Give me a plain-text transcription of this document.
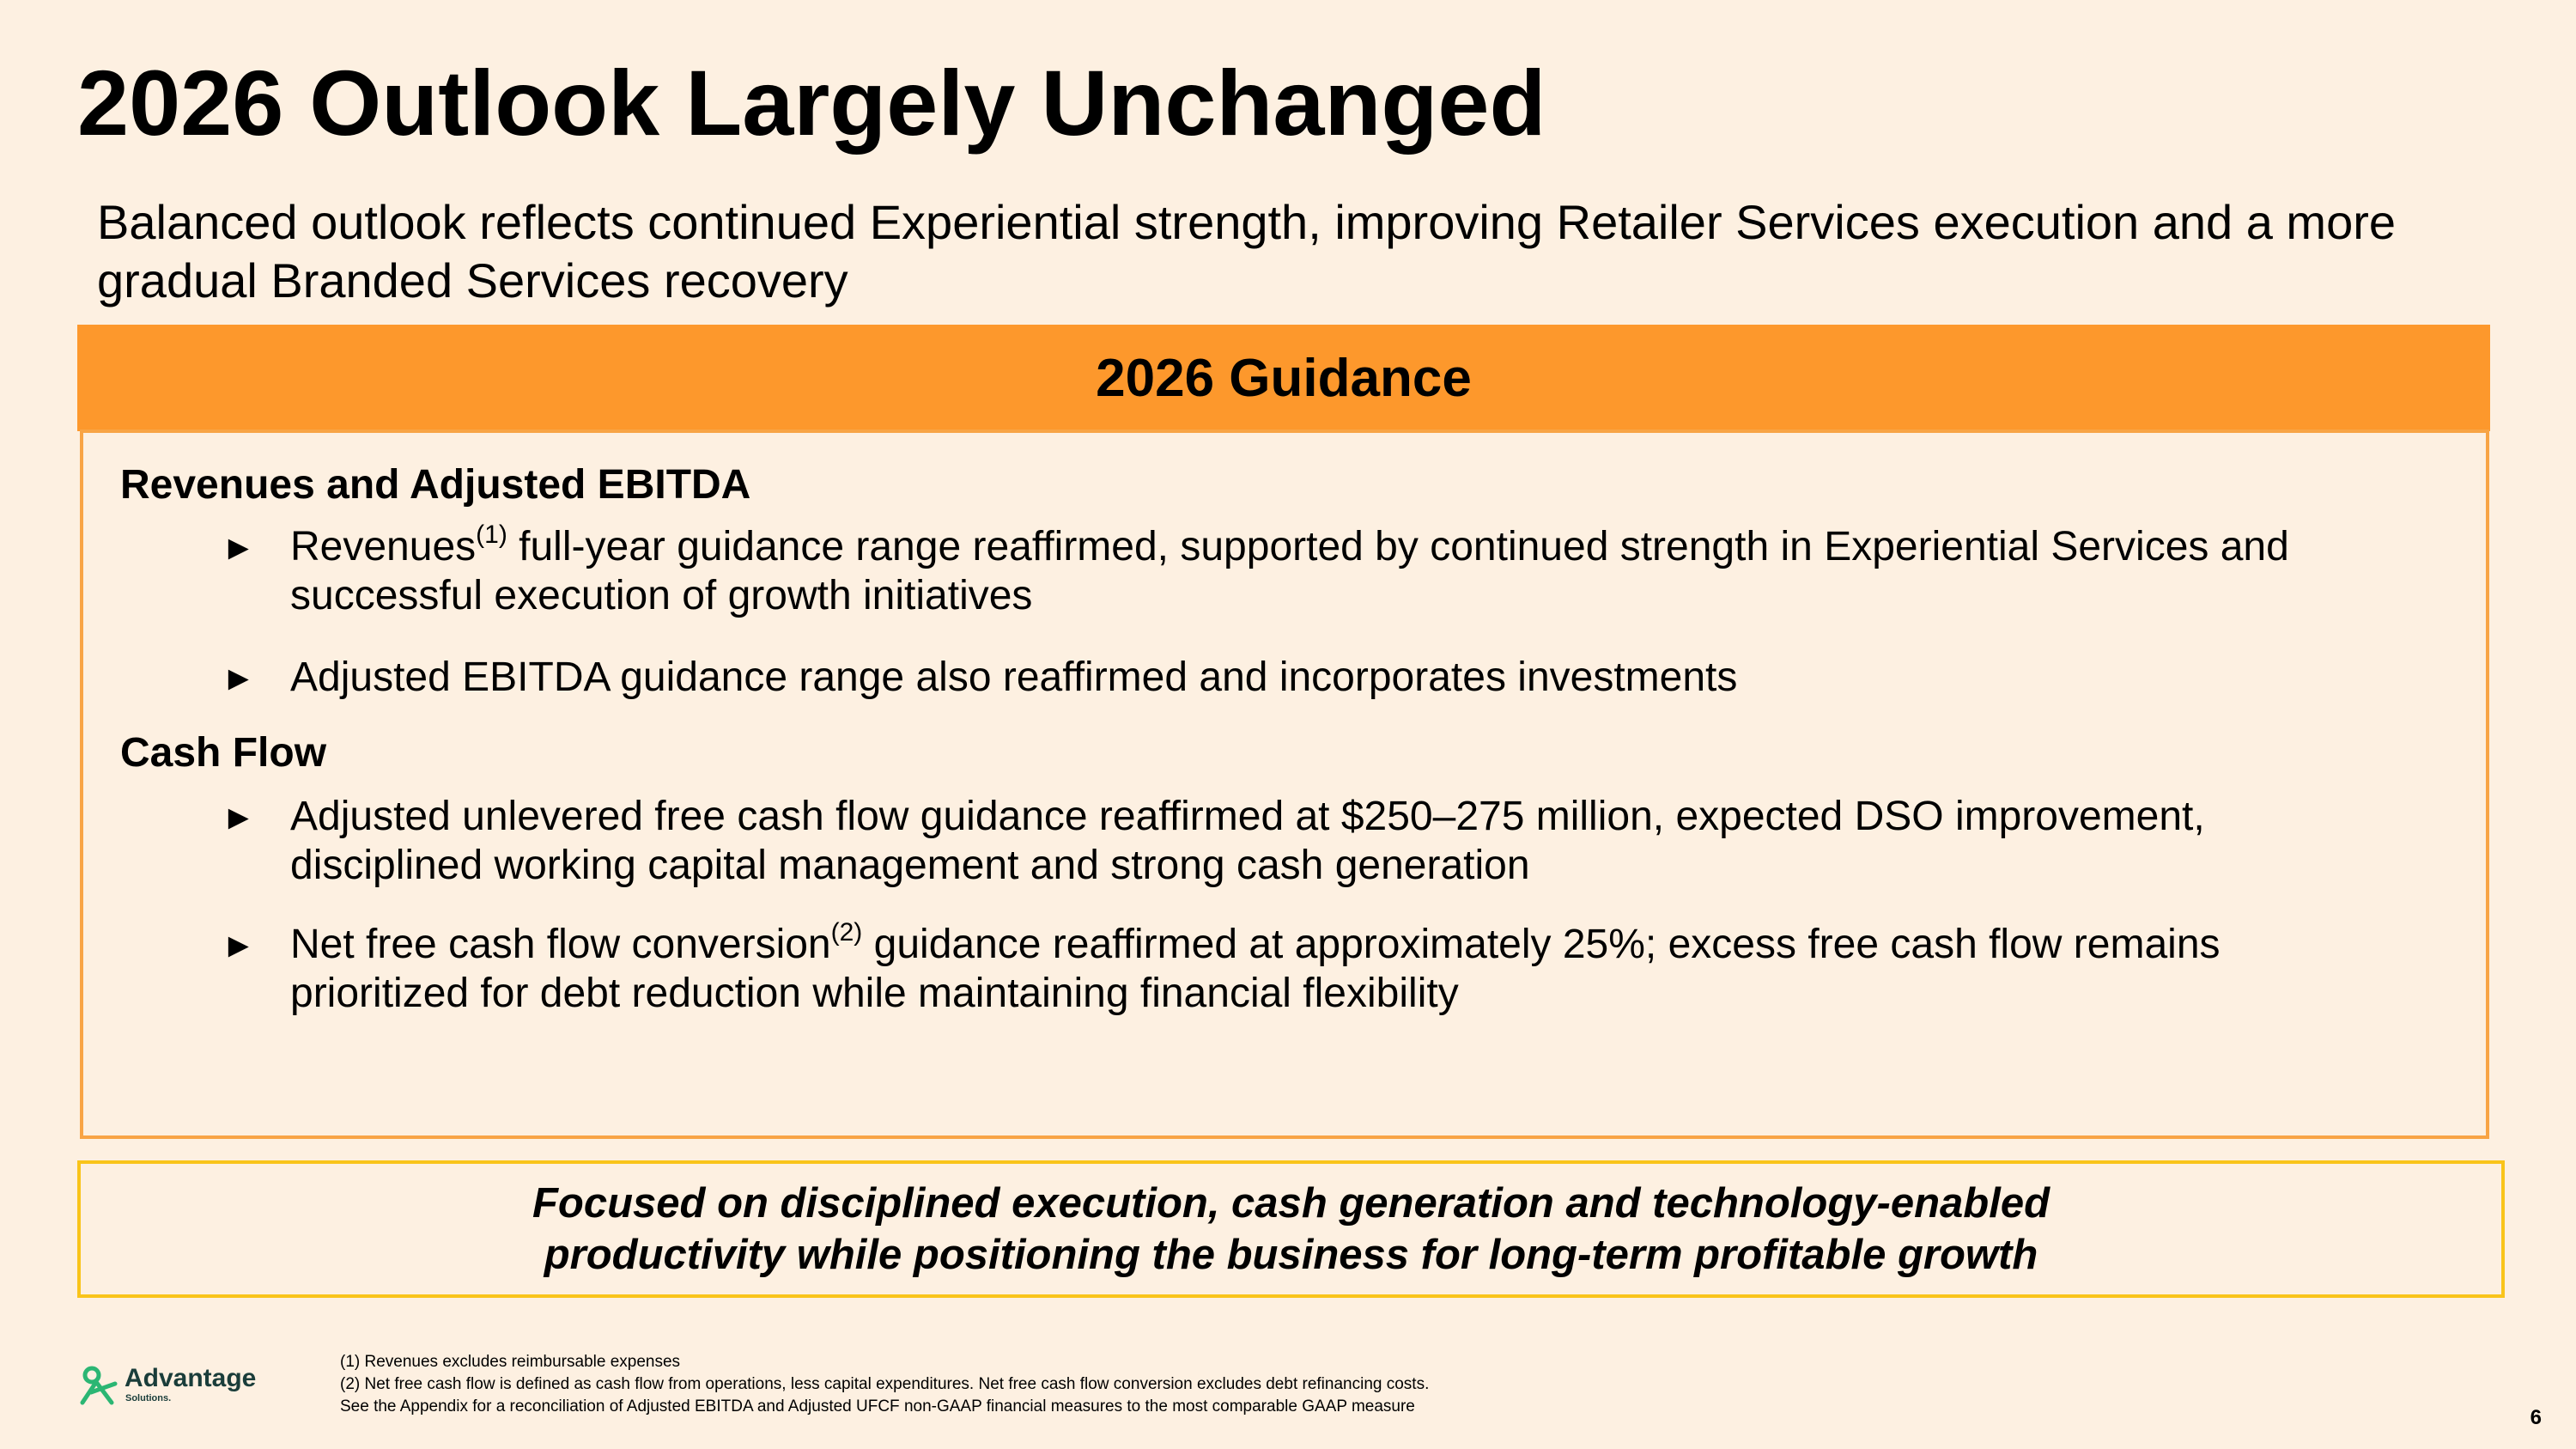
2026 Outlook Largely Unchanged
Balanced outlook reflects continued Experiential strength, improving Retailer Services execution and a more gradual Branded Services recovery
2026 Guidance
Revenues and Adjusted EBITDA
► Revenues$^{(1)}$ full-year guidance range reaffirmed, supported by continued strength in Experiential Services and successful execution of growth initiatives
► Adjusted EBITDA guidance range also reaffirmed and incorporates investments
Cash Flow
► Adjusted unlevered free cash flow guidance reaffirmed at $250–275 million, expected DSO improvement, disciplined working capital management and strong cash generation
► Net free cash flow conversion$^{(2)}$ guidance reaffirmed at approximately 25%; excess free cash flow remains prioritized for debt reduction while maintaining financial flexibility
Focused on disciplined execution, cash generation and technology-enabled
productivity while positioning the business for long-term profitable growth
Advantage
Solutions.
(1) Revenues excludes reimbursable expenses
(2) Net free cash flow is defined as cash flow from operations, less capital expenditures. Net free cash flow conversion excludes debt refinancing costs.
See the Appendix for a reconciliation of Adjusted EBITDA and Adjusted UFCF non-GAAP financial measures to the most comparable GAAP measure	6
